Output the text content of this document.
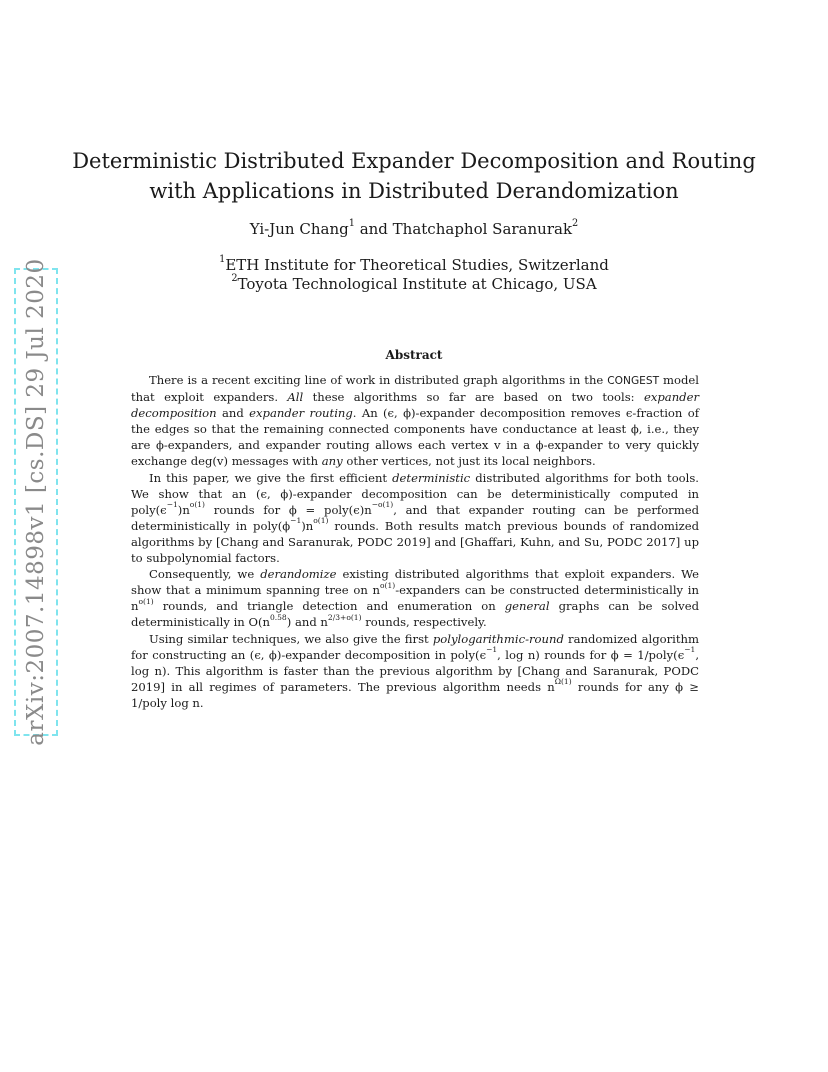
arXiv:2007.14898v1 [cs.DS] 29 Jul 2020
Deterministic Distributed Expander Decomposition and Routing
with Applications in Distributed Derandomization
Yi-Jun Chang$^1$ and Thatchaphol Saranurak$^2$
$^1$ETH Institute for Theoretical Studies, Switzerland
$^2$Toyota Technological Institute at Chicago, USA
Abstract

There is a recent exciting line of work in distributed graph algorithms in the CONGEST model that exploit expanders. All these algorithms so far are based on two tools: expander decomposition and expander routing. An (ϵ, ϕ)-expander decomposition removes ϵ-fraction of the edges so that the remaining connected components have conductance at least ϕ, i.e., they are ϕ-expanders, and expander routing allows each vertex v in a ϕ-expander to very quickly exchange deg(v) messages with any other vertices, not just its local neighbors.

In this paper, we give the first efficient deterministic distributed algorithms for both tools. We show that an (ϵ, ϕ)-expander decomposition can be deterministically computed in $poly(\epsilon^{-1})n^{o(1)}$ rounds for $\phi = poly(\epsilon)n^{-o(1)}$, and that expander routing can be performed deterministically in $poly(\phi^{-1})n^{o(1)}$ rounds. Both results match previous bounds of randomized algorithms by [Chang and Saranurak, PODC 2019] and [Ghaffari, Kuhn, and Su, PODC 2017] up to subpolynomial factors.

Consequently, we derandomize existing distributed algorithms that exploit expanders. We show that a minimum spanning tree on $n^{o(1)}$-expanders can be constructed deterministically in $n^{o(1)}$ rounds, and triangle detection and enumeration on general graphs can be solved deterministically in $O(n^{0.58})$ and $n^{2/3+o(1)}$ rounds, respectively.

Using similar techniques, we also give the first polylogarithmic-round randomized algorithm for constructing an (ϵ, ϕ)-expander decomposition in $poly(\epsilon^{-1}$, log n) rounds for $\phi = 1/poly(\epsilon^{-1}$, log n). This algorithm is faster than the previous algorithm by [Chang and Saranurak, PODC 2019] in all regimes of parameters. The previous algorithm needs $n^{\Omega(1)}$ rounds for any ϕ ≥ 1/poly log n.
